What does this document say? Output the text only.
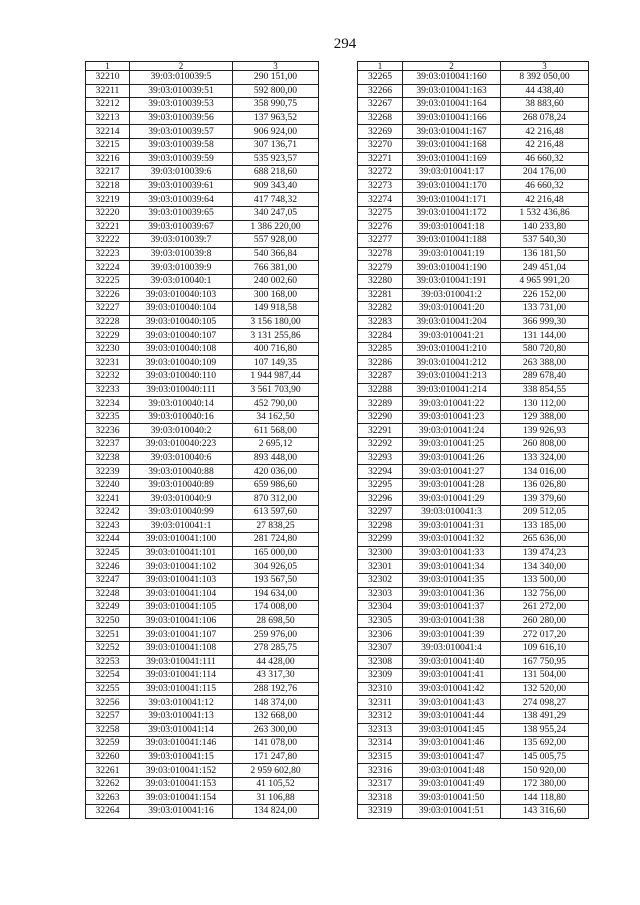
294
1	2	3
32210	39:03:010039:5	290 151,00
32211	39:03:010039:51	592 800,00
32212	39:03:010039:53	358 990,75
32213	39:03:010039:56	137 963,52
32214	39:03:010039:57	906 924,00
32215	39:03:010039:58	307 136,71
32216	39:03:010039:59	535 923,57
32217	39:03:010039:6	688 218,60
32218	39:03:010039:61	909 343,40
32219	39:03:010039:64	417 748,32
32220	39:03:010039:65	340 247,05
32221	39:03:010039:67	1 386 220,00
32222	39:03:010039:7	557 928,00
32223	39:03:010039:8	540 366,84
32224	39:03:010039:9	766 381,00
32225	39:03:010040:1	240 002,60
32226	39:03:010040:103	300 168,00
32227	39:03:010040:104	149 918,58
32228	39:03:010040:105	3 156 180,00
32229	39:03:010040:107	3 131 255,86
32230	39:03:010040:108	400 716,80
32231	39:03:010040:109	107 149,35
32232	39:03:010040:110	1 944 987,44
32233	39:03:010040:111	3 561 703,90
32234	39:03:010040:14	452 790,00
32235	39:03:010040:16	34 162,50
32236	39:03:010040:2	611 568,00
32237	39:03:010040:223	2 695,12
32238	39:03:010040:6	893 448,00
32239	39:03:010040:88	420 036,00
32240	39:03:010040:89	659 986,60
32241	39:03:010040:9	870 312,00
32242	39:03:010040:99	613 597,60
32243	39:03:010041:1	27 838,25
32244	39:03:010041:100	281 724,80
32245	39:03:010041:101	165 000,00
32246	39:03:010041:102	304 926,05
32247	39:03:010041:103	193 567,50
32248	39:03:010041:104	194 634,00
32249	39:03:010041:105	174 008,00
32250	39:03:010041:106	28 698,50
32251	39:03:010041:107	259 976,00
32252	39:03:010041:108	278 285,75
32253	39:03:010041:111	44 428,00
32254	39:03:010041:114	43 317,30
32255	39:03:010041:115	288 192,76
32256	39:03:010041:12	148 374,00
32257	39:03:010041:13	132 668,00
32258	39:03:010041:14	263 300,00
32259	39:03:010041:146	141 078,00
32260	39:03:010041:15	171 247,80
32261	39:03:010041:152	2 959 602,80
32262	39:03:010041:153	41 105,52
32263	39:03:010041:154	31 106,88
32264	39:03:010041:16	134 824,00
1	2	3
32265	39:03:010041:160	8 392 050,00
32266	39:03:010041:163	44 438,40
32267	39:03:010041:164	38 883,60
32268	39:03:010041:166	268 078,24
32269	39:03:010041:167	42 216,48
32270	39:03:010041:168	42 216,48
32271	39:03:010041:169	46 660,32
32272	39:03:010041:17	204 176,00
32273	39:03:010041:170	46 660,32
32274	39:03:010041:171	42 216,48
32275	39:03:010041:172	1 532 436,86
32276	39:03:010041:18	140 233,80
32277	39:03:010041:188	537 540,30
32278	39:03:010041:19	136 181,50
32279	39:03:010041:190	249 451,04
32280	39:03:010041:191	4 965 991,20
32281	39:03:010041:2	226 152,00
32282	39:03:010041:20	133 731,00
32283	39:03:010041:204	366 999,30
32284	39:03:010041:21	131 144,00
32285	39:03:010041:210	580 720,80
32286	39:03:010041:212	263 388,00
32287	39:03:010041:213	289 678,40
32288	39:03:010041:214	338 854,55
32289	39:03:010041:22	130 112,00
32290	39:03:010041:23	129 388,00
32291	39:03:010041:24	139 926,93
32292	39:03:010041:25	260 808,00
32293	39:03:010041:26	133 324,00
32294	39:03:010041:27	134 016,00
32295	39:03:010041:28	136 026,80
32296	39:03:010041:29	139 379,60
32297	39:03:010041:3	209 512,05
32298	39:03:010041:31	133 185,00
32299	39:03:010041:32	265 636,00
32300	39:03:010041:33	139 474,23
32301	39:03:010041:34	134 340,00
32302	39:03:010041:35	133 500,00
32303	39:03:010041:36	132 756,00
32304	39:03:010041:37	261 272,00
32305	39:03:010041:38	260 280,00
32306	39:03:010041:39	272 017,20
32307	39:03:010041:4	109 616,10
32308	39:03:010041:40	167 750,95
32309	39:03:010041:41	131 504,00
32310	39:03:010041:42	132 520,00
32311	39:03:010041:43	274 098,27
32312	39:03:010041:44	138 491,29
32313	39:03:010041:45	138 955,24
32314	39:03:010041:46	135 692,00
32315	39:03:010041:47	145 005,75
32316	39:03:010041:48	150 920,00
32317	39:03:010041:49	172 380,00
32318	39:03:010041:50	144 118,80
32319	39:03:010041:51	143 316,60
